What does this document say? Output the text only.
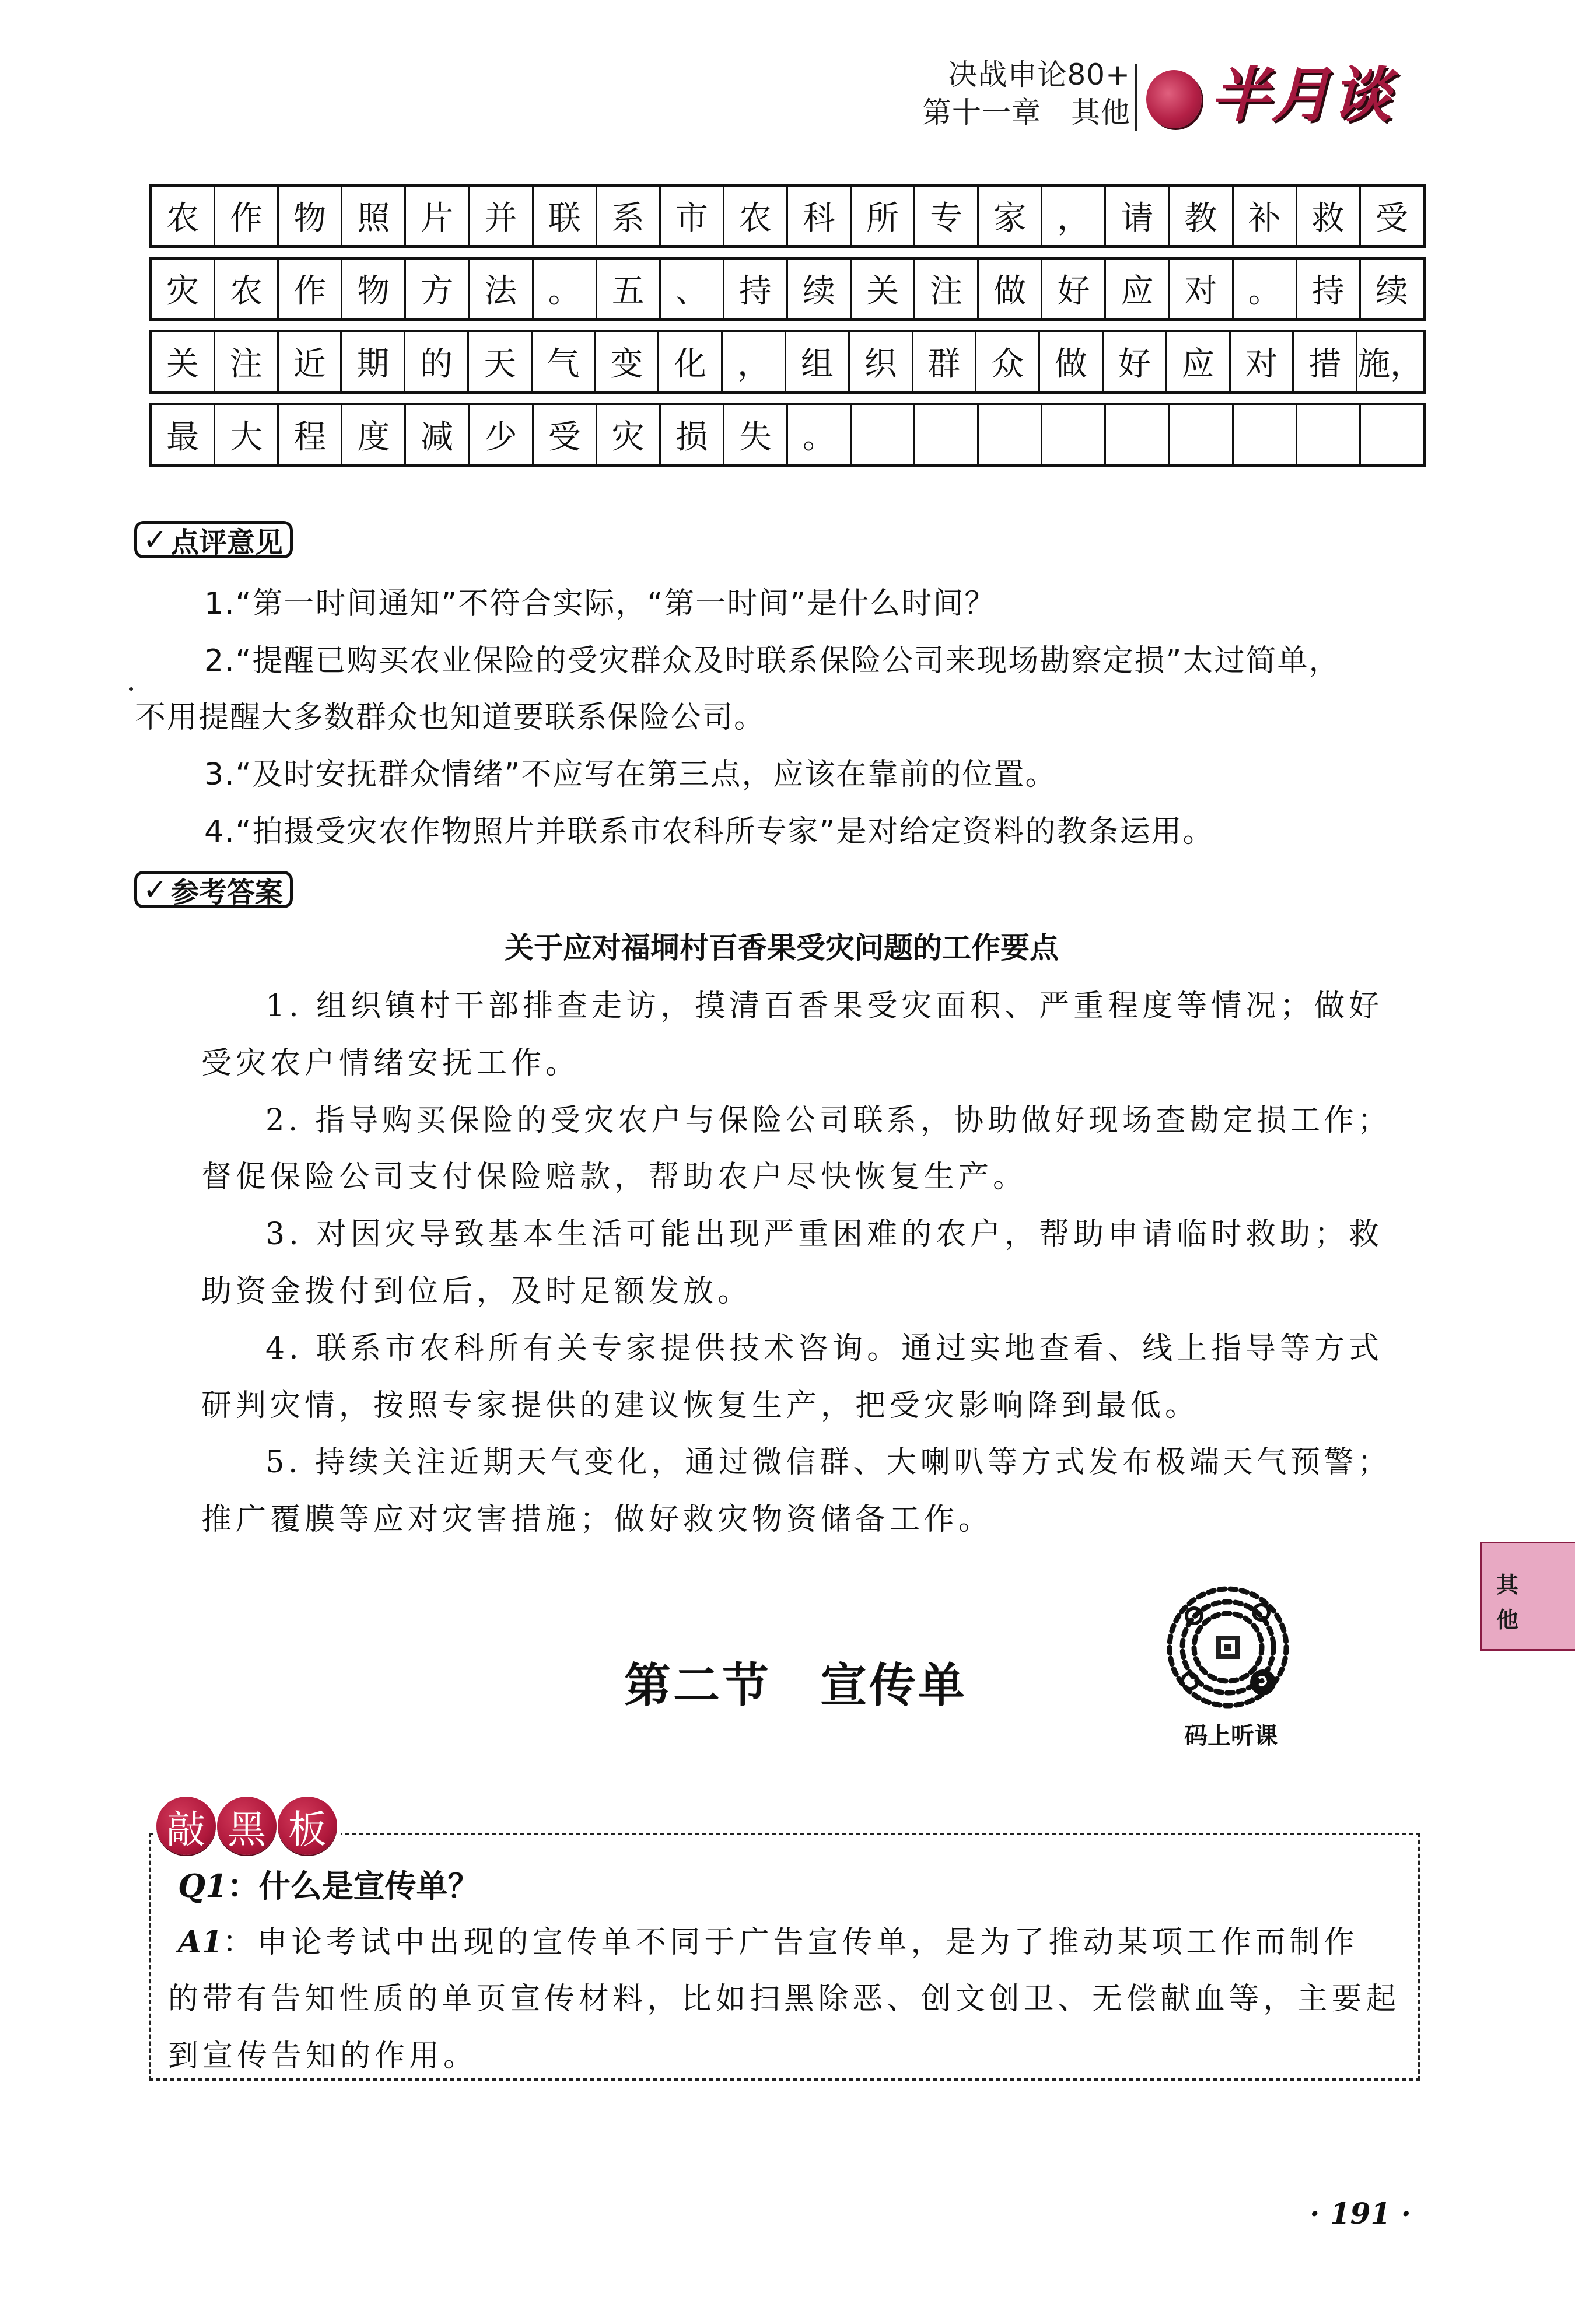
决战申论80+
第十一章　其他 半月谈
农 作 物 照 片 并 联 系 市 农 科 所 专 家 ， 请 教 补 救 受
灾 农 作 物 方 法 。 五 、 持 续 关 注 做 好 应 对 。 持 续
关 注 近 期 的 天 气 变 化 ， 组 织 群 众 做 好 应 对 措 施，
最 大 程 度 减 少 受 灾 损 失 。
✓ 点评意见
1.“第一时间通知”不符合实际，“第一时间”是什么时间？
2.“提醒已购买农业保险的受灾群众及时联系保险公司来现场勘察定损”太过简单，
不用提醒大多数群众也知道要联系保险公司。
3.“及时安抚群众情绪”不应写在第三点，应该在靠前的位置。
4.“拍摄受灾农作物照片并联系市农科所专家”是对给定资料的教条运用。
✓ 参考答案
关于应对福垌村百香果受灾问题的工作要点
1. 组织镇村干部排查走访，摸清百香果受灾面积、严重程度等情况；做好
受灾农户情绪安抚工作。
2. 指导购买保险的受灾农户与保险公司联系，协助做好现场查勘定损工作；
督促保险公司支付保险赔款，帮助农户尽快恢复生产。
3. 对因灾导致基本生活可能出现严重困难的农户，帮助申请临时救助；救
助资金拨付到位后，及时足额发放。
4. 联系市农科所有关专家提供技术咨询。通过实地查看、线上指导等方式
研判灾情，按照专家提供的建议恢复生产，把受灾影响降到最低。
5. 持续关注近期天气变化，通过微信群、大喇叭等方式发布极端天气预警；
推广覆膜等应对灾害措施；做好救灾物资储备工作。
其
他
码上听课
第二节　宣传单
敲 黑 板
Q1：什么是宣传单？
A1：申论考试中出现的宣传单不同于广告宣传单，是为了推动某项工作而制作
的带有告知性质的单页宣传材料，比如扫黑除恶、创文创卫、无偿献血等，主要起
到宣传告知的作用。
· 191 ·
